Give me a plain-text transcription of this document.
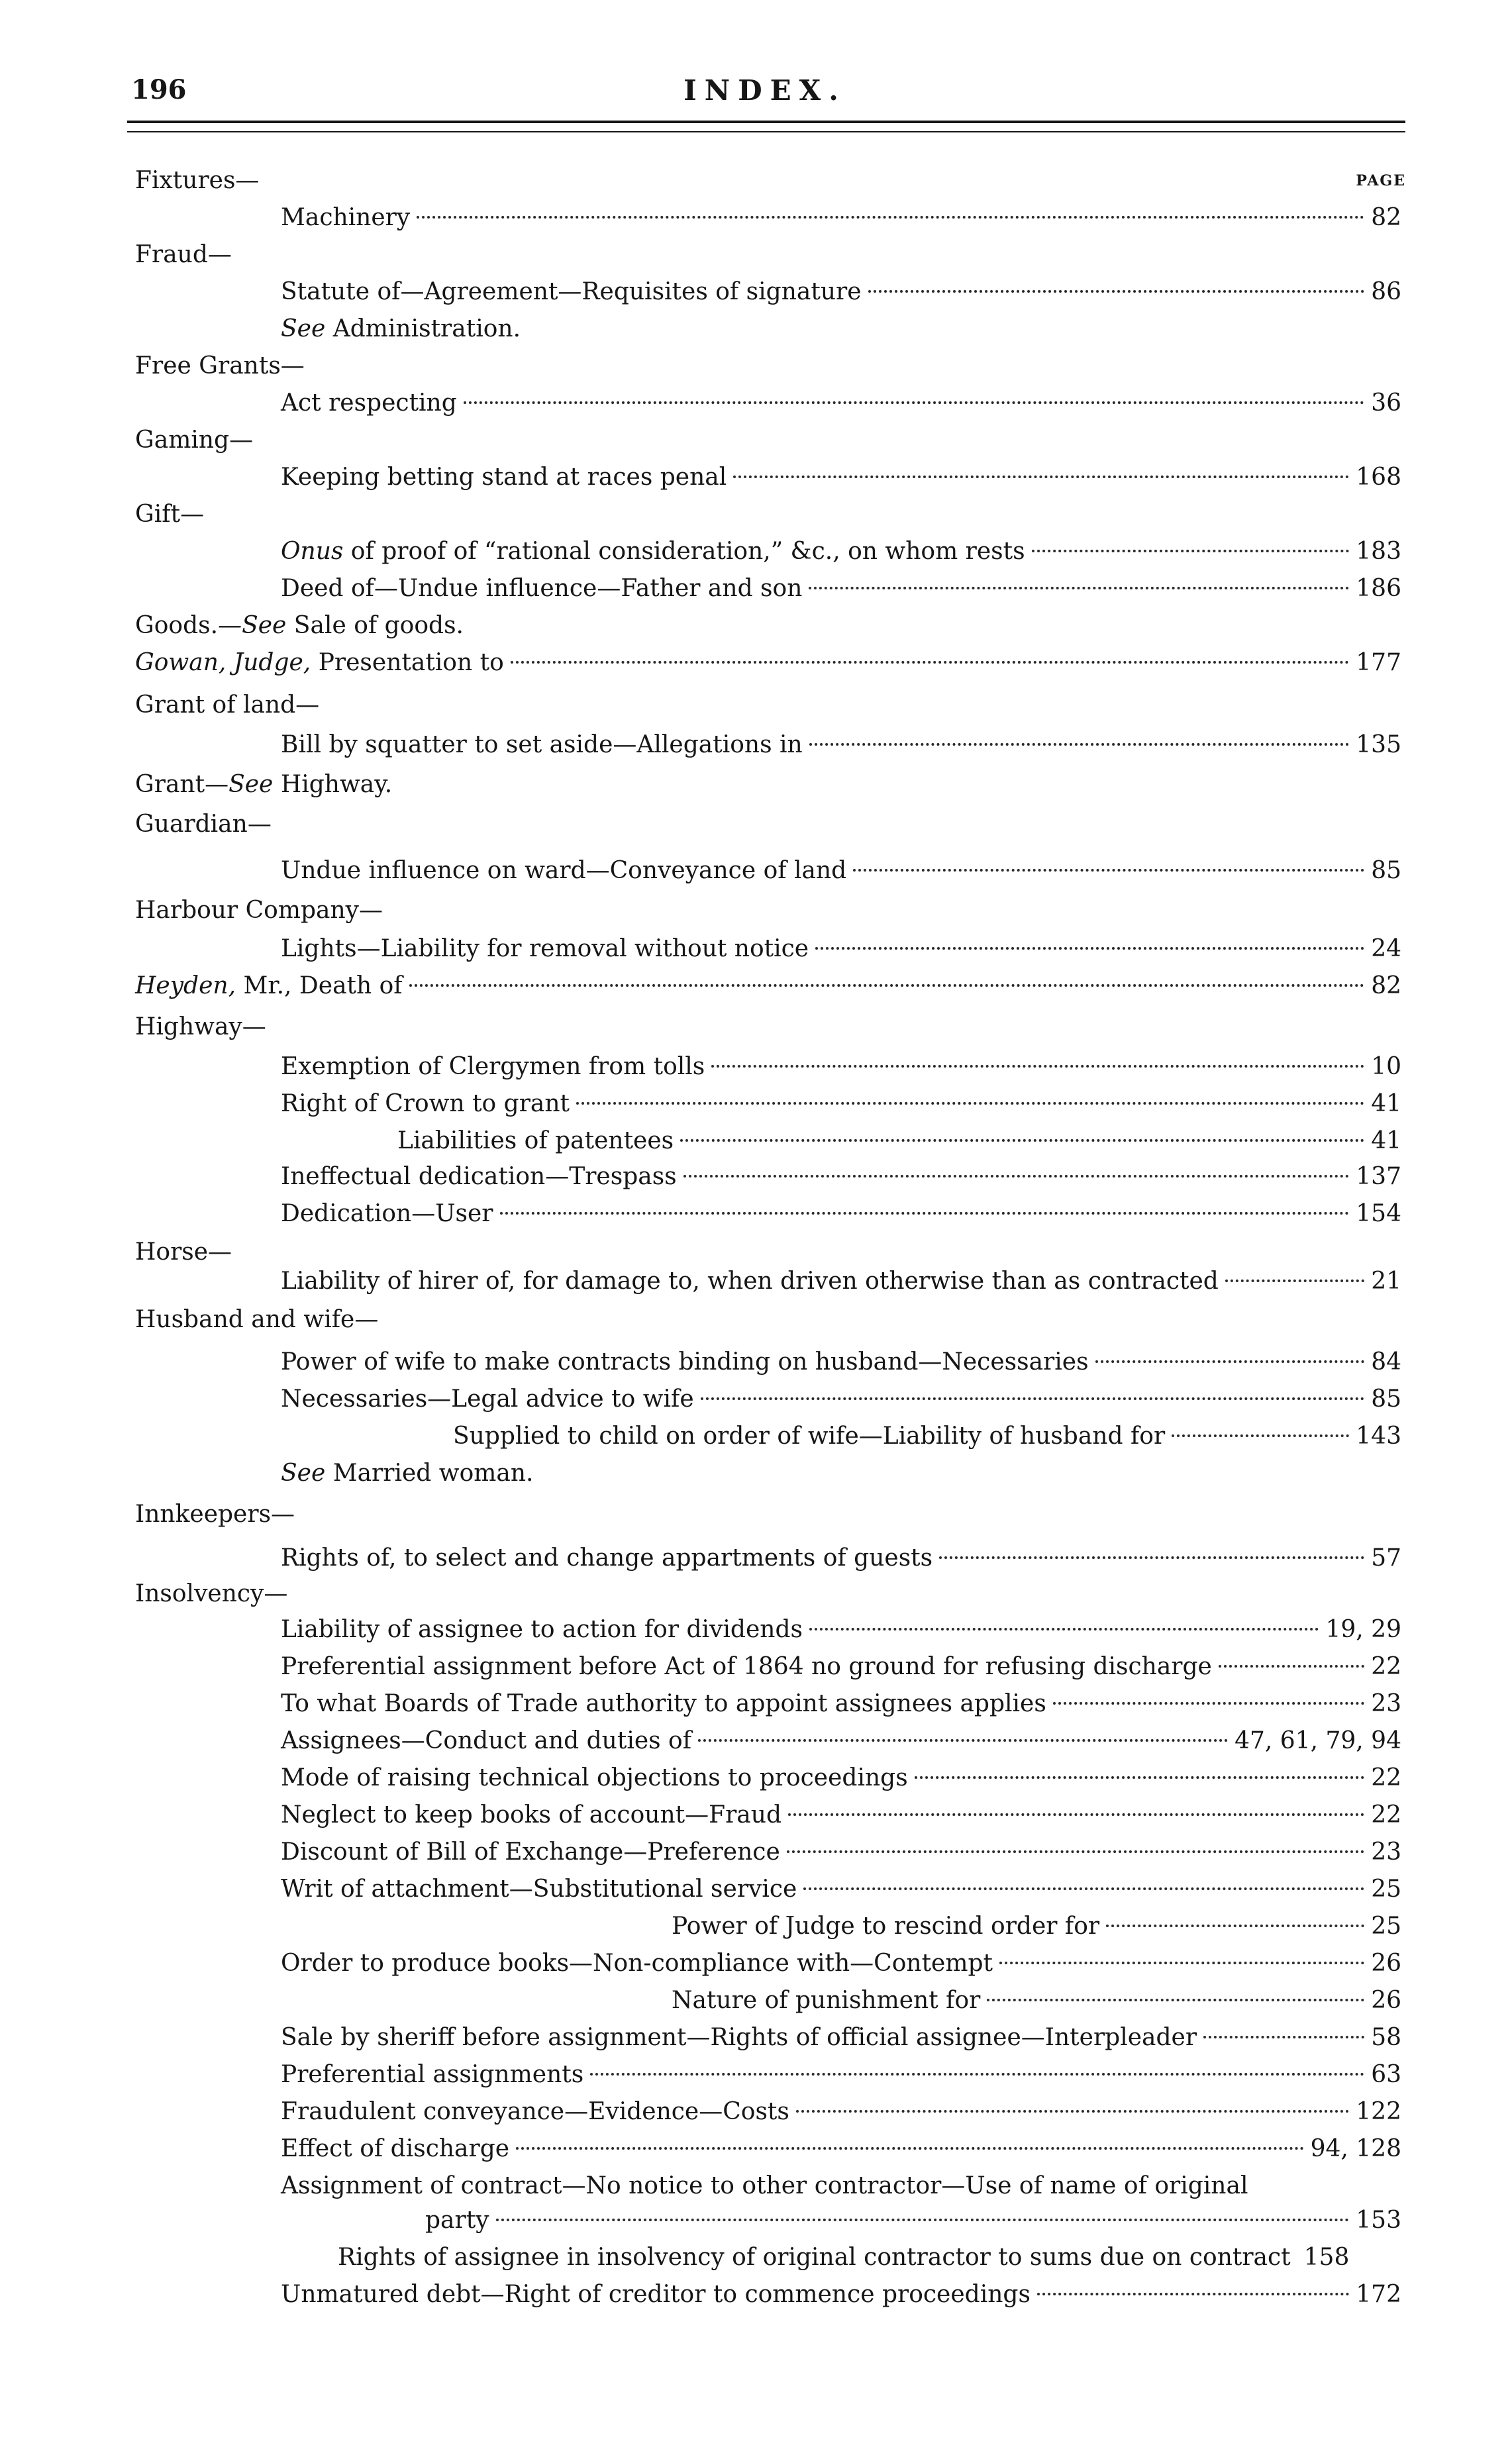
196	INDEX.
PAGE
Fixtures—
Machinery	82
Fraud—
Statute of—Agreement—Requisites of signature	86
See Administration.
Free Grants—
Act respecting	36
Gaming—
Keeping betting stand at races penal	168
Gift—
Onus of proof of “rational consideration,” &c., on whom rests	183
Deed of—Undue influence—Father and son	186
Goods.—See Sale of goods.
Gowan, Judge, Presentation to	177
Grant of land—
Bill by squatter to set aside—Allegations in	135
Grant—See Highway.
Guardian—
Undue influence on ward—Conveyance of land	85
Harbour Company—
Lights—Liability for removal without notice	24
Heyden, Mr., Death of	82
Highway—
Exemption of Clergymen from tolls	10
Right of Crown to grant	41
Liabilities of patentees	41
Ineffectual dedication—Trespass	137
Dedication—User	154
Horse—
Liability of hirer of, for damage to, when driven otherwise than as contracted	21
Husband and wife—
Power of wife to make contracts binding on husband—Necessaries	84
Necessaries—Legal advice to wife	85
Supplied to child on order of wife—Liability of husband for	143
See Married woman.
Innkeepers—
Rights of, to select and change appartments of guests	57
Insolvency—
Liability of assignee to action for dividends	19, 29
Preferential assignment before Act of 1864 no ground for refusing discharge	22
To what Boards of Trade authority to appoint assignees applies	23
Assignees—Conduct and duties of	47, 61, 79, 94
Mode of raising technical objections to proceedings	22
Neglect to keep books of account—Fraud	22
Discount of Bill of Exchange—Preference	23
Writ of attachment—Substitutional service	25
Power of Judge to rescind order for	25
Order to produce books—Non-compliance with—Contempt	26
Nature of punishment for	26
Sale by sheriff before assignment—Rights of official assignee—Interpleader	58
Preferential assignments	63
Fraudulent conveyance—Evidence—Costs	122
Effect of discharge	94, 128
Assignment of contract—No notice to other contractor—Use of name of original
party	153
Rights of assignee in insolvency of original contractor to sums due on contract 158
Unmatured debt—Right of creditor to commence proceedings	172
